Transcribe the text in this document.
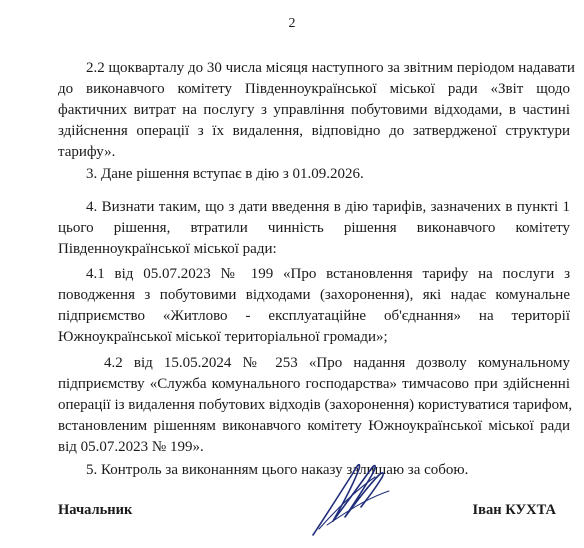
2
2.2 щокварталу до 30 числа місяця наступного за звітним періодом надавати
до виконавчого комітету Південноукраїнської міської ради «Звіт щодо
фактичних витрат на послугу з управління побутовими відходами, в частині
здійснення операції з їх видалення, відповідно до затвердженої структури
тарифу».
3. Дане рішення вступає в дію з 01.09.2026.
4. Визнати таким, що з дати введення в дію тарифів, зазначених в пункті 1
цього рішення, втратили чинність рішення виконавчого комітету
Південноукраїнської міської ради:
4.1 від 05.07.2023 № 199 «Про встановлення тарифу на послуги з
поводження з побутовими відходами (захоронення), які надає комунальне
підприємство «Житлово - експлуатаційне об'єднання» на території
Южноукраїнської міської територіальної громади»;
4.2 від 15.05.2024 № 253 «Про надання дозволу комунальному
підприємству «Служба комунального господарства» тимчасово при здійсненні
операції із видалення побутових відходів (захоронення) користуватися тарифом,
встановленим рішенням виконавчого комітету Южноукраїнської міської ради
від 05.07.2023 № 199».
5. Контроль за виконанням цього наказу залишаю за собою.
Начальник	Іван КУХТА
